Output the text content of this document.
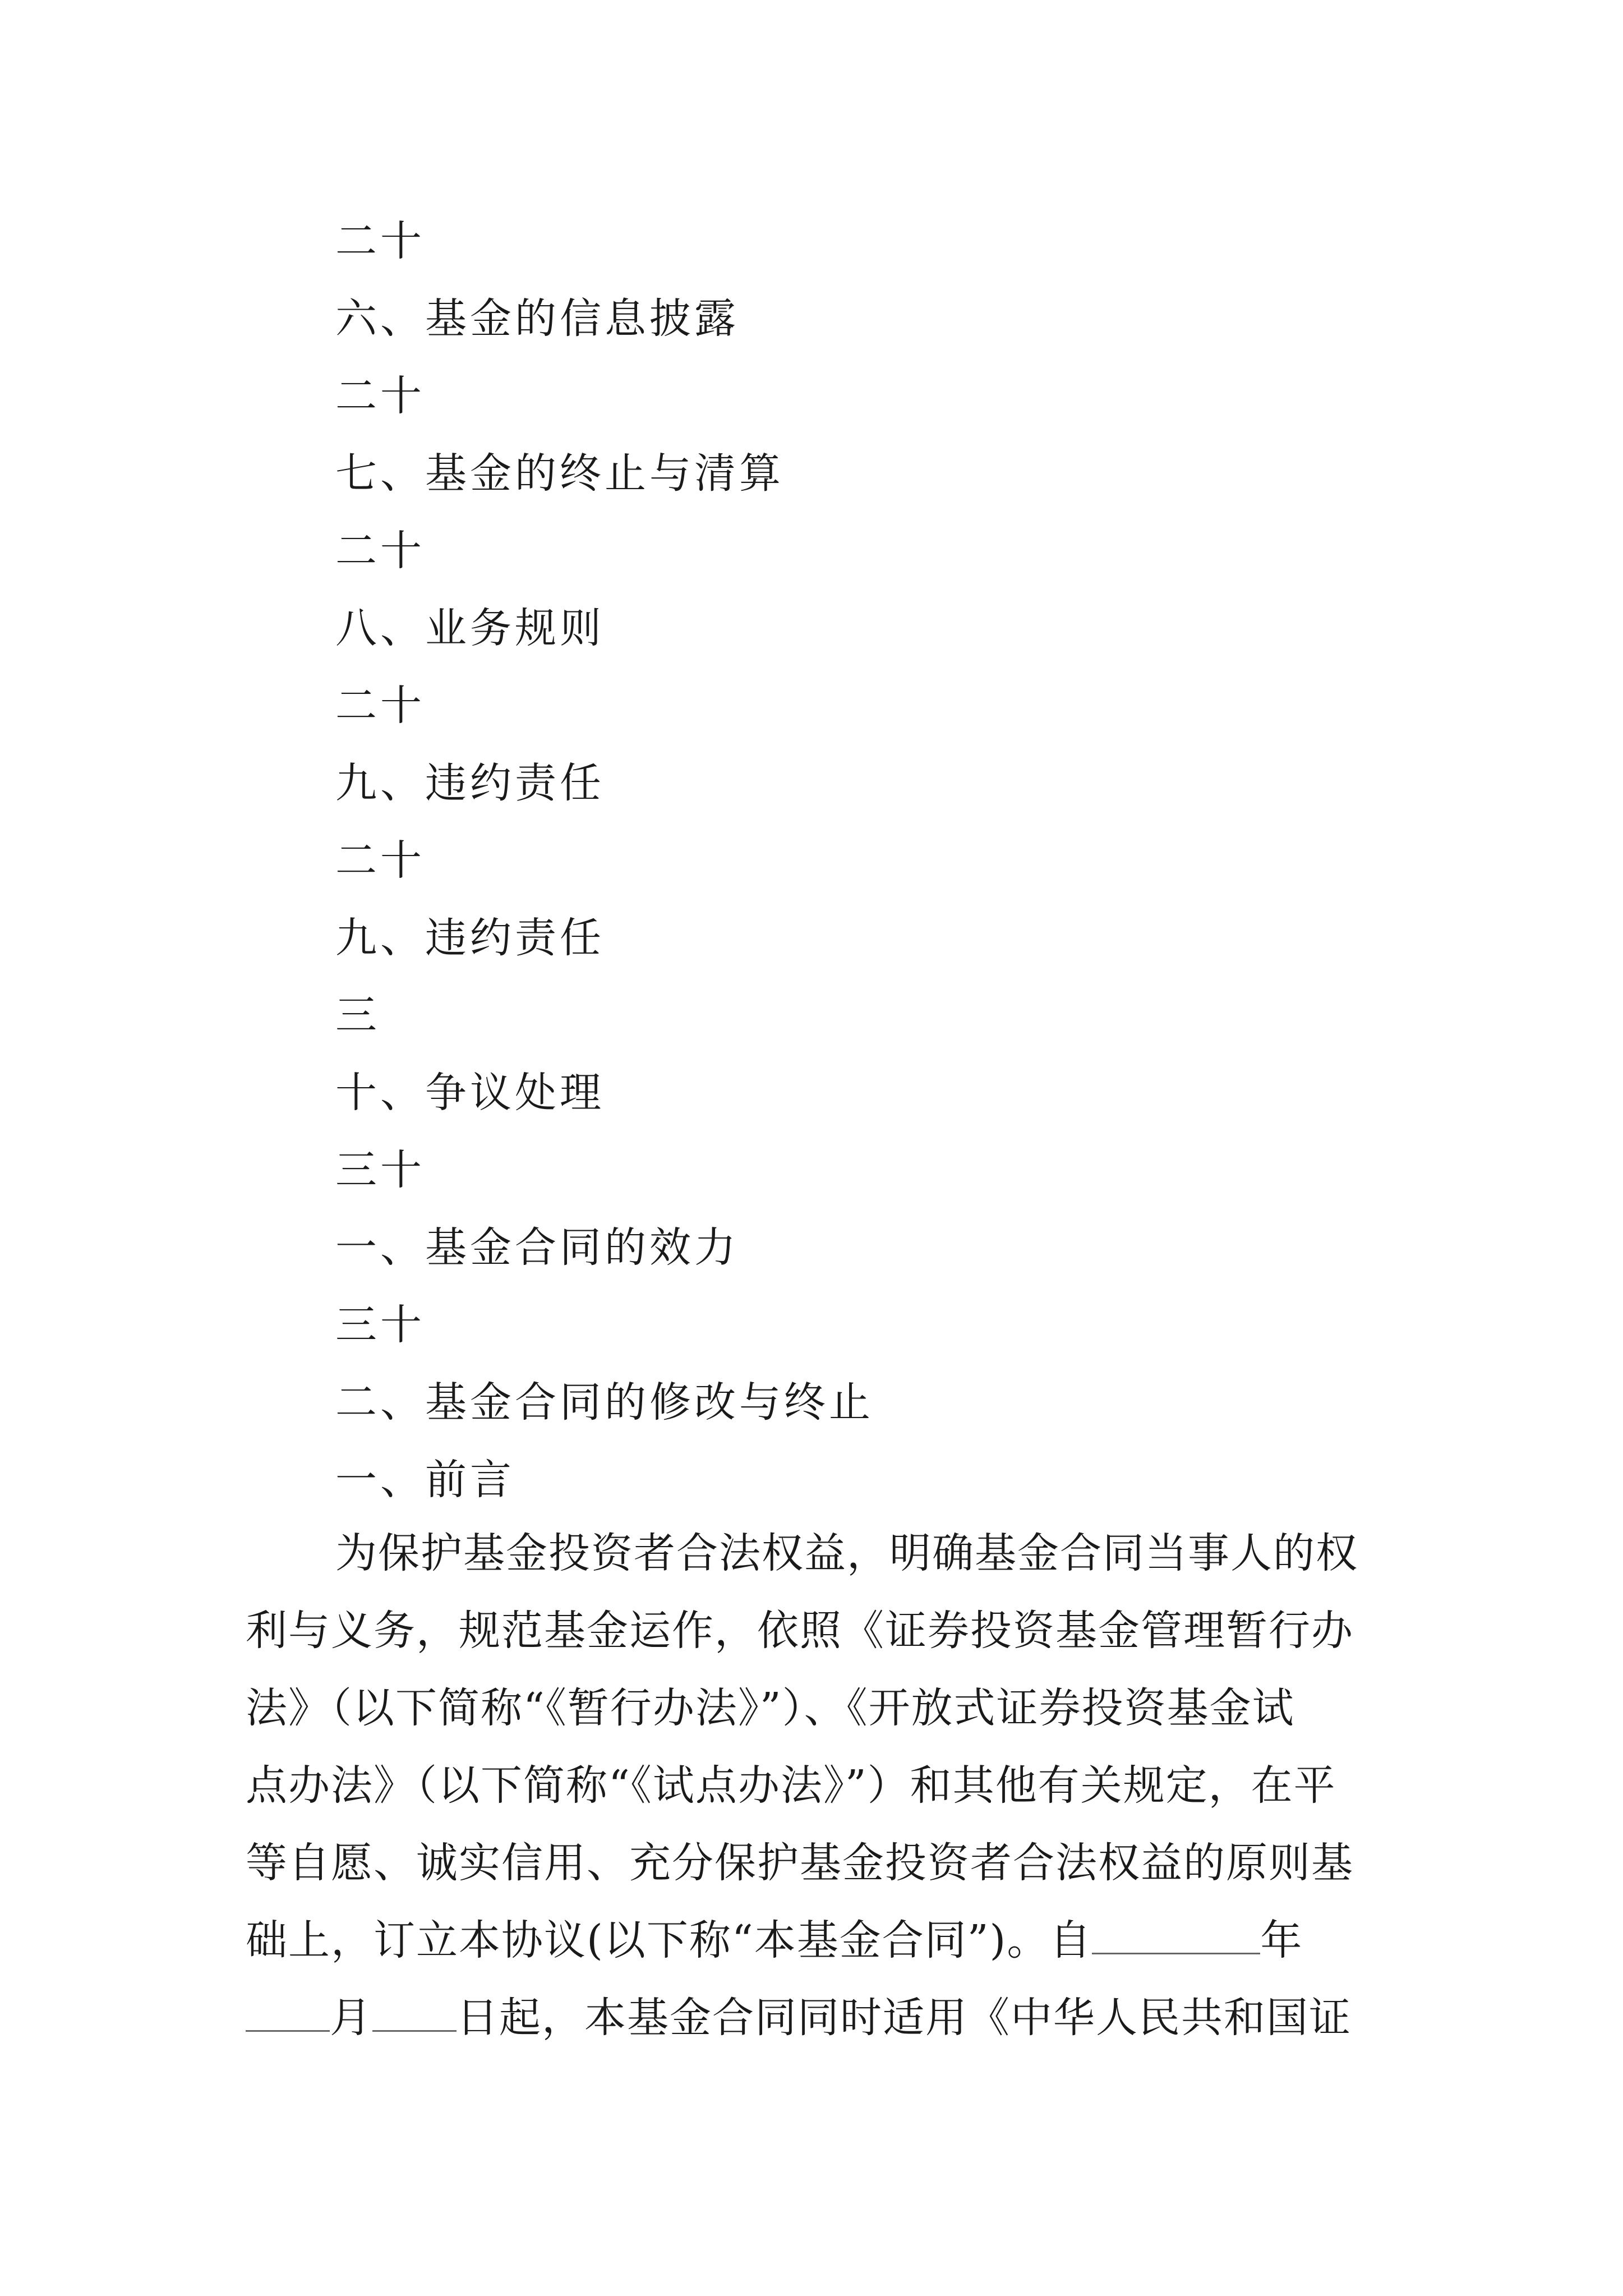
二十
六、基金的信息披露
二十
七、基金的终止与清算
二十
八、业务规则
二十
九、违约责任
二十
九、违约责任
三
十、争议处理
三十
一、基金合同的效力
三十
二、基金合同的修改与终止
一、前言
为保护基金投资者合法权益，明确基金合同当事人的权
利与义务，规范基金运作，依照《证券投资基金管理暂行办
法》（以下简称“《暂行办法》”）、《开放式证券投资基金试
点办法》（以下简称“《试点办法》”）和其他有关规定，在平
等自愿、诚实信用、充分保护基金投资者合法权益的原则基
础上，订立本协议(以下称“本基金合同”)。自	年
月 日起，本基金合同同时适用《中华人民共和国证
